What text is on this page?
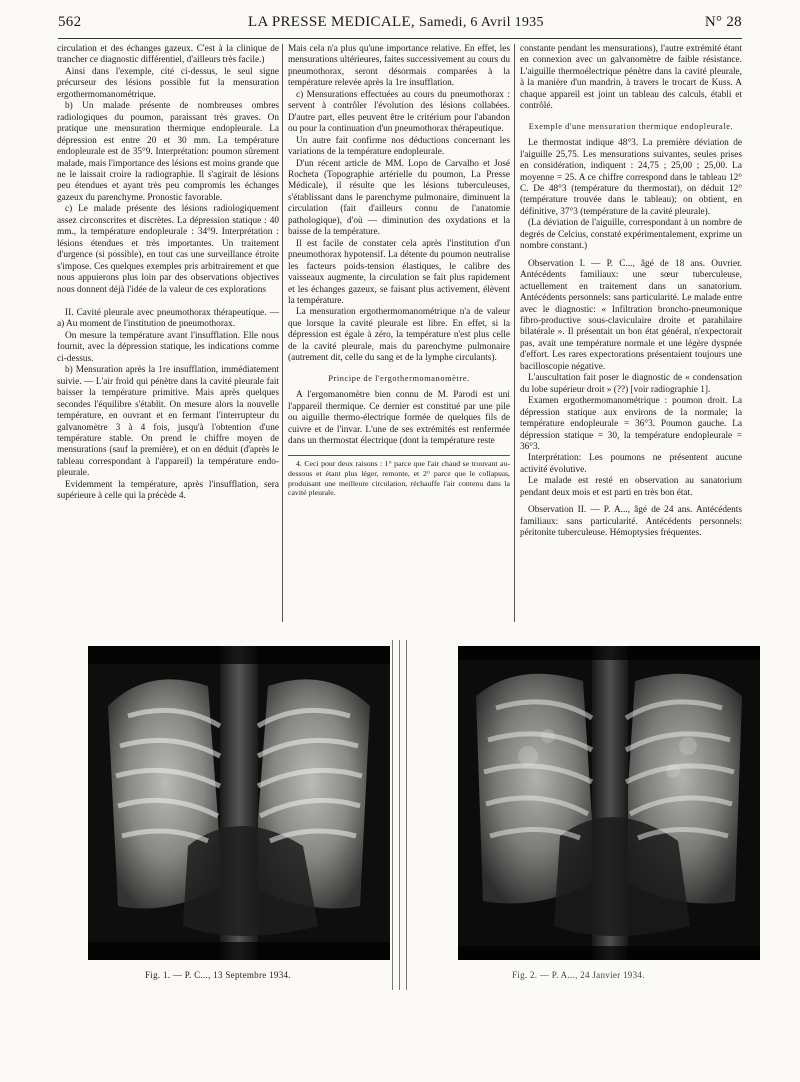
562	LA PRESSE MEDICALE, Samedi, 6 Avril 1935	N° 28

circulation et des échanges gazeux. C'est à la clinique de trancher ce diagnostic différentiel, d'ailleurs très facile.)

Ainsi dans l'exemple, cité ci-dessus, le seul signe précurseur des lésions possible fut la mensuration ergothermomanométrique.

b) Un malade présente de nombreuses ombres radiologiques du poumon, paraissant très graves. On pratique une mensuration thermique endopleurale. La dépression est entre 20 et 30 mm. La température endopleurale est de 35°9. Interprétation: poumon sûrement malade, mais l'importance des lésions est moins grande que ne le laissait croire la radiographie. Il s'agirait de lésions peu étendues et ayant très peu compromis les échanges gazeux du parenchyme. Pronostic favorable.

c) Le malade présente des lésions radiologiquement assez circonscrites et discrètes. La dépression statique : 40 mm., la température endopleurale : 34°9. Interprétation : lésions étendues et très importantes. Un traitement d'urgence (si possible), en tout cas une surveillance étroite s'impose. Ces quelques exemples pris arbitrairement et que nous appuierons plus loin par des observations objectives nous donnent déjà l'idée de la valeur de ces explorations

II. Cavité pleurale avec pneumothorax thérapeutique. — a) Au moment de l'institution de pneumothorax.

On mesure la température avant l'insufflation. Elle nous fournit, avec la dépression statique, les indications comme ci-dessus.

b) Mensuration après la 1re insufflation, immédiatement suivie. — L'air froid qui pénètre dans la cavité pleurale fait baisser la température primitive. Mais après quelques secondes l'équilibre s'établit. On mesure alors la nouvelle température, en ouvrant et en fermant l'interrupteur du galvanomètre 3 à 4 fois, jusqu'à l'obtention d'une température stable. On prend le chiffre moyen de mensurations (sauf la première), et on en déduit (d'après le tableau correspondant à l'appareil) la température endo-pleurale.

Evidemment la température, après l'insufflation, sera supérieure à celle qui la précède 4.

Mais cela n'a plus qu'une importance relative. En effet, les mensurations ultérieures, faites successivement au cours du pneumothorax, seront désormais comparées à la température relevée après la 1re insufflation.

c) Mensurations effectuées au cours du pneumothorax : servent à contrôler l'évolution des lésions collabées. D'autre part, elles peuvent être le critérium pour l'abandon ou pour la continuation d'un pneumothorax thérapeutique.

Un autre fait confirme nos déductions concernant les variations de la température endopleurale.

D'un récent article de MM. Lopo de Carvalho et José Rocheta (Topographie artérielle du poumon, La Presse Médicale), il résulte que les lésions tuberculeuses, s'établissant dans le parenchyme pulmonaire, diminuent la circulation (fait d'ailleurs connu de l'anatomie pathologique), d'où — diminution des oxydations et la baisse de la température.

Il est facile de constater cela après l'institution d'un pneumothorax hypotensif. La détente du poumon neutralise les facteurs poids-tension élastiques, le calibre des vaisseaux augmente, la circulation se fait plus rapidement et les échanges gazeux, se faisant plus activement, élèvent la température.

La mensuration ergothermomanométrique n'a de valeur que lorsque la cavité pleurale est libre. En effet, si la dépression est égale à zéro, la température n'est plus celle de la cavité pleurale, mais du parenchyme pulmonaire (autrement dit, celle du sang et de la lymphe circulants).

Principe de l'ergothermomanomètre.

A l'ergomanomètre bien connu de M. Parodi est uni l'appareil thermique. Ce dernier est constitué par une pile ou aiguille thermo-électrique formée de quelques fils de cuivre et de l'invar. L'une de ses extrémités est renfermée dans un thermostat électrique (dont la température reste

4. Ceci pour deux raisons : 1° parce que l'air chaud se trouvant au-dessous et étant plus léger, remonte, et 2° parce que le collapsus, produisant une meilleure circulation, réchauffe l'air contenu dans la cavité pleurale.

constante pendant les mensurations), l'autre extrémité étant en connexion avec un galvanomètre de faible résistance. L'aiguille thermoélectrique pénètre dans la cavité pleurale, à la manière d'un mandrin, à travers le trocart de Kuss. A chaque appareil est joint un tableau des calculs, établi et contrôlé.

Exemple d'une mensuration thermique endopleurale.

Le thermostat indique 48°3. La première déviation de l'aiguille 25,75. Les mensurations suivantes, seules prises en considération, indiquent : 24,75 ; 25,00 ; 25,00. La moyenne = 25. A ce chiffre correspond dans le tableau 12° C. De 48°3 (température du thermostat), on déduit 12° (température trouvée dans le tableau); on obtient, en définitive, 37°3 (température de la cavité pleurale).

(La déviation de l'aiguille, correspondant à un nombre de degrés de Celcius, constaté expérimentalement, exprime un nombre constant.)

Observation I. — P. C..., âgé de 18 ans. Ouvrier. Antécédents familiaux: une sœur tuberculeuse, actuellement en traitement dans un sanatorium. Antécédents personnels: sans particularité. Le malade entre avec le diagnostic: « Infiltration broncho-pneumonique fibro-productive sous-claviculaire droite et parahilaire bilatérale ». Il présentait un bon état général, n'expectorait pas, avait une température normale et une légère dyspnée d'effort. Les rares expectorations présentaient toujours une bacilloscopie négative.

L'auscultation fait poser le diagnostic de « condensation du lobe supérieur droit » (??) [voir radiographie 1].

Examen ergothermomanométrique : poumon droit. La dépression statique aux environs de la normale; la température endopleurale = 36°3. Poumon gauche. La dépression statique = 30, la température endopleurale = 36°3.

Interprétation: Les poumons ne présentent aucune activité évolutive.

Le malade est resté en observation au sanatorium pendant deux mois et est parti en très bon état.

Observation II. — P. A..., âgé de 24 ans. Antécédents familiaux: sans particularité. Antécédents personnels: péritonite tuberculeuse. Hémoptysies fréquentes.

Fig. 1. — P. C..., 13 Septembre 1934.	Fig. 2. — P. A..., 24 Janvier 1934.
